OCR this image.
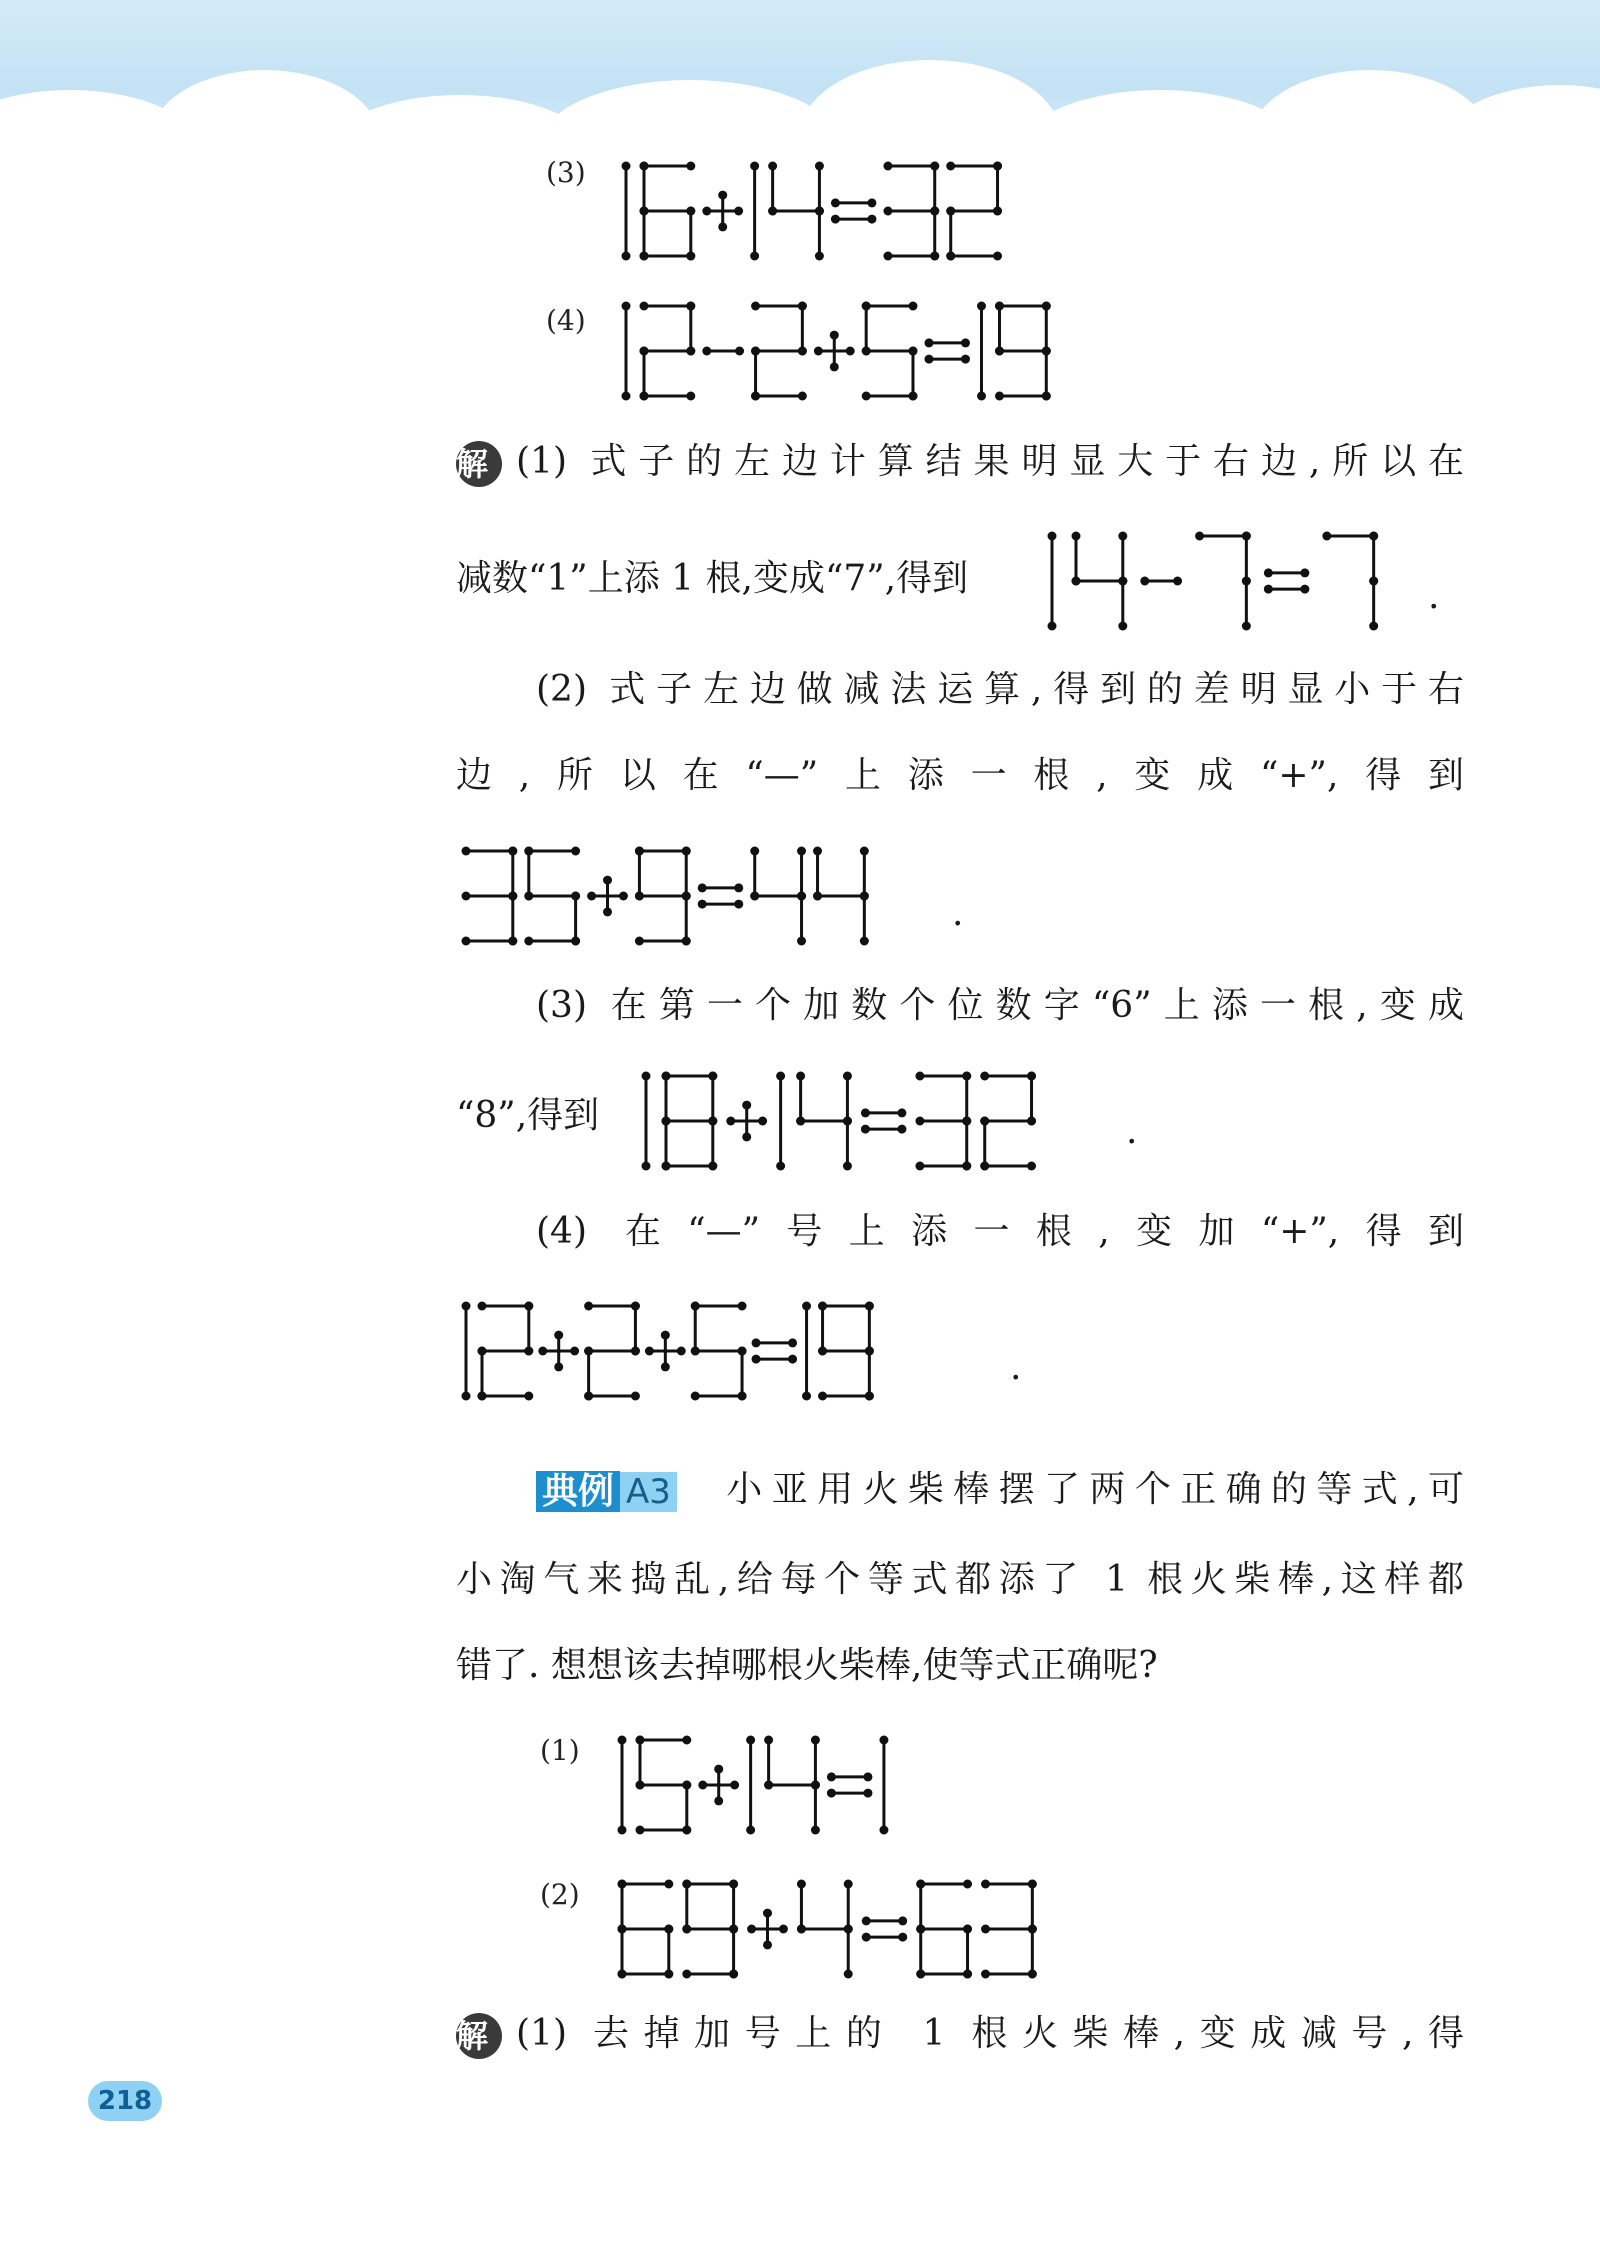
(3)
(4)
解 (1) 式子的左边计算结果明显大于右边,所以在
减数“1”上添 1 根,变成“7”,得到	.
(2) 式子左边做减法运算,得到的差明显小于右
边,所以在“—”上添一根,变成“+”,得到
.
(3) 在第一个加数个位数字“6”上添一根,变成
“8”,得到	.
(4) 在“—”号上添一根,变加“+”,得到
.
典例 A3 小亚用火柴棒摆了两个正确的等式,可
小淘气来捣乱,给每个等式都添了 1 根火柴棒,这样都
错了. 想想该去掉哪根火柴棒,使等式正确呢?
(1)
(2)
解 (1) 去掉加号上的 1 根火柴棒,变成减号,得
218
